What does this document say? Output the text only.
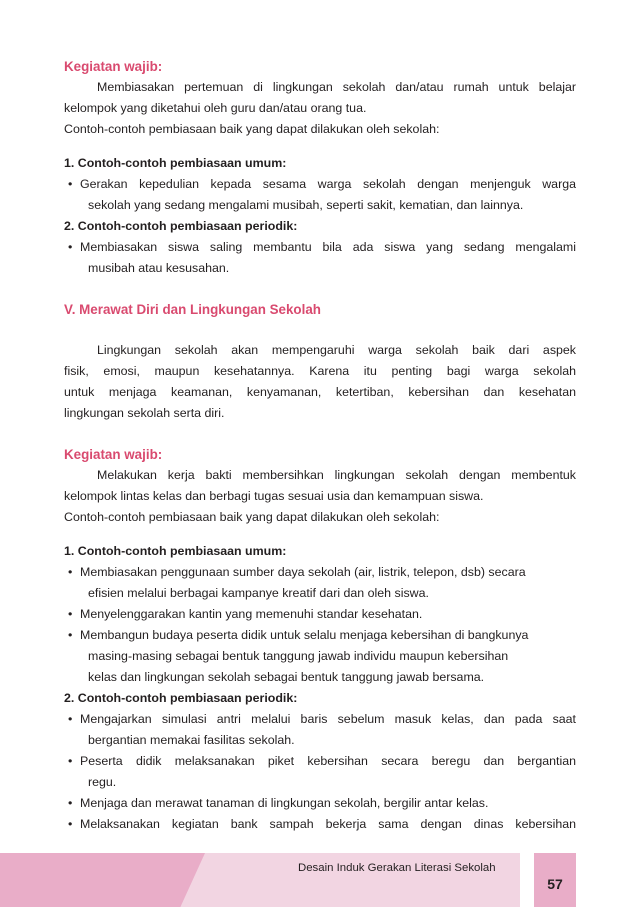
Kegiatan wajib:
Membiasakan pertemuan di lingkungan sekolah dan/atau rumah untuk belajar
kelompok yang diketahui oleh guru dan/atau orang tua.
Contoh-contoh pembiasaan baik yang dapat dilakukan oleh sekolah:
1. Contoh-contoh pembiasaan umum:
• Gerakan kepedulian kepada sesama warga sekolah dengan menjenguk warga
sekolah yang sedang mengalami musibah, seperti sakit, kematian, dan lainnya.
2. Contoh-contoh pembiasaan periodik:
• Membiasakan siswa saling membantu bila ada siswa yang sedang mengalami
musibah atau kesusahan.
V. Merawat Diri dan Lingkungan Sekolah
Lingkungan sekolah akan mempengaruhi warga sekolah baik dari aspek
fisik, emosi, maupun kesehatannya. Karena itu penting bagi warga sekolah
untuk menjaga keamanan, kenyamanan, ketertiban, kebersihan dan kesehatan
lingkungan sekolah serta diri.
Kegiatan wajib:
Melakukan kerja bakti membersihkan lingkungan sekolah dengan membentuk
kelompok lintas kelas dan berbagi tugas sesuai usia dan kemampuan siswa.
Contoh-contoh pembiasaan baik yang dapat dilakukan oleh sekolah:
1. Contoh-contoh pembiasaan umum:
• Membiasakan penggunaan sumber daya sekolah (air, listrik, telepon, dsb) secara
efisien melalui berbagai kampanye kreatif dari dan oleh siswa.
• Menyelenggarakan kantin yang memenuhi standar kesehatan.
• Membangun budaya peserta didik untuk selalu menjaga kebersihan di bangkunya
masing-masing sebagai bentuk tanggung jawab individu maupun kebersihan
kelas dan lingkungan sekolah sebagai bentuk tanggung jawab bersama.
2. Contoh-contoh pembiasaan periodik:
• Mengajarkan simulasi antri melalui baris sebelum masuk kelas, dan pada saat
bergantian memakai fasilitas sekolah.
• Peserta didik melaksanakan piket kebersihan secara beregu dan bergantian
regu.
• Menjaga dan merawat tanaman di lingkungan sekolah, bergilir antar kelas.
• Melaksanakan kegiatan bank sampah bekerja sama dengan dinas kebersihan
Desain Induk Gerakan Literasi Sekolah
57
